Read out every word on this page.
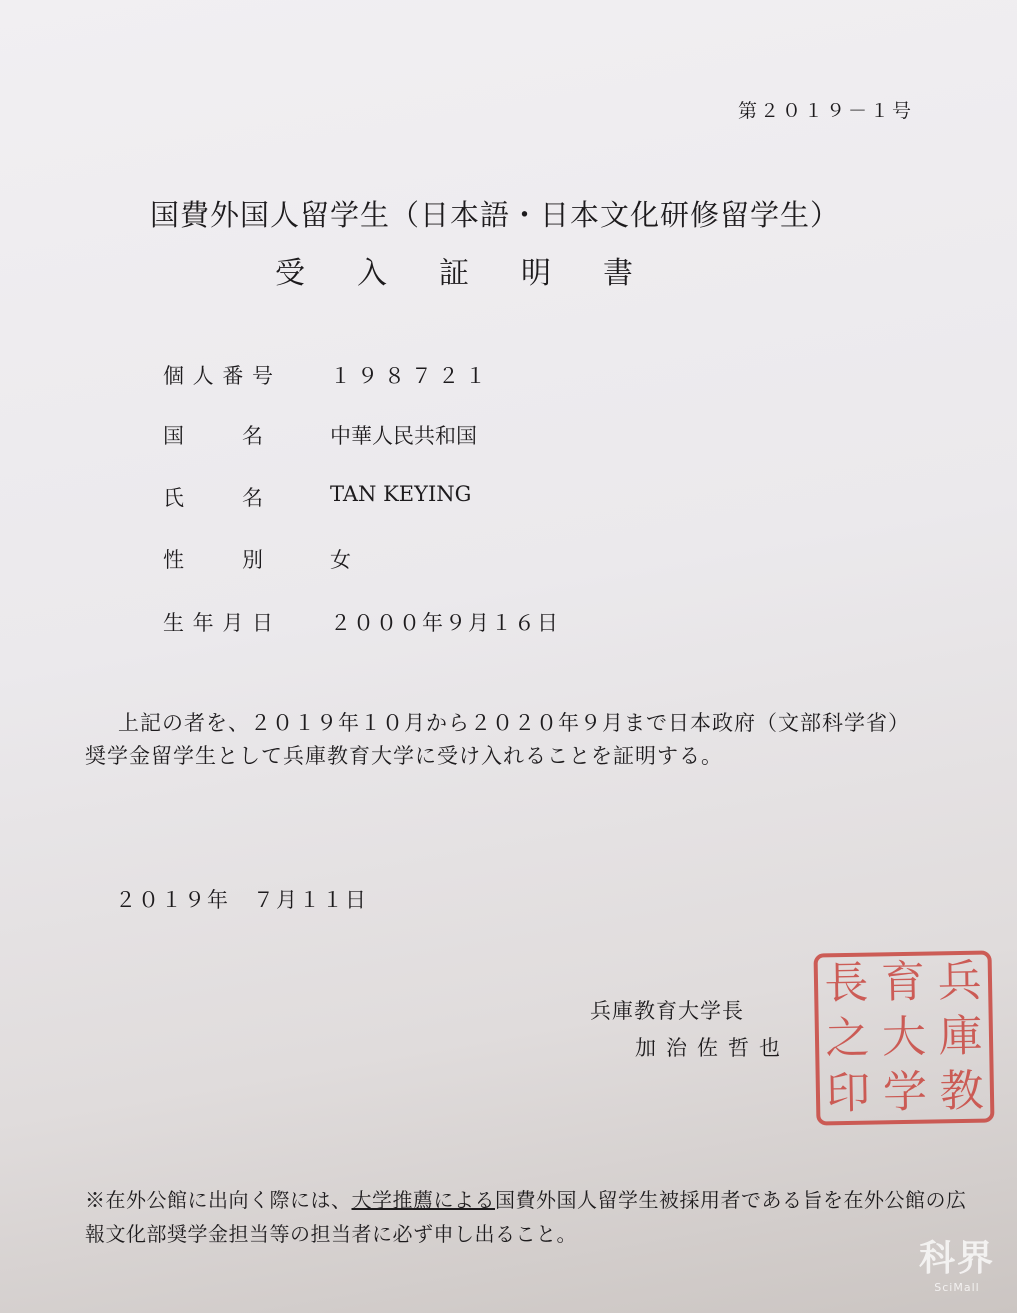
第２０１９－１号
国費外国人留学生（日本語・日本文化研修留学生）
受入証明書
個人番号	１９８７２１
国名	中華人民共和国
氏名	TAN KEYING
性別	女
生年月日	２０００年９月１６日
上記の者を、２０１９年１０月から２０２０年９月まで日本政府（文部科学省）
奨学金留学生として兵庫教育大学に受け入れることを証明する。
２０１９年　７月１１日
兵庫教育大学長
加治佐哲也
兵
庫
教
育
大
学
長
之
印
※在外公館に出向く際には、大学推薦による国費外国人留学生被採用者である旨を在外公館の広
報文化部奨学金担当等の担当者に必ず申し出ること。
科界
SciMall
